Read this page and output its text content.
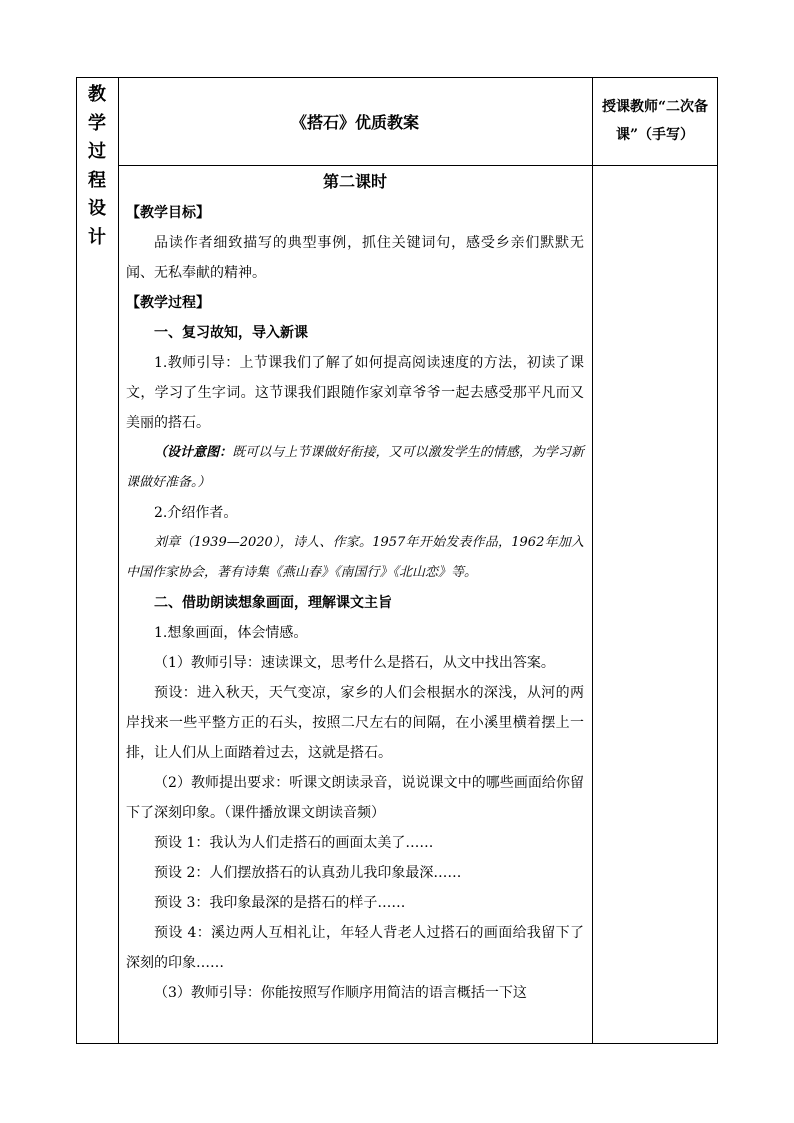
教
学
过
程
设
计
《搭石》优质教案
授课教师“二次备课”（手写）

第二课时

【教学目标】

品读作者细致描写的典型事例，抓住关键词句，感受乡亲们默默无闻、无私奉献的精神。

【教学过程】

一、复习故知，导入新课

1.教师引导：上节课我们了解了如何提高阅读速度的方法，初读了课文，学习了生字词。这节课我们跟随作家刘章爷爷一起去感受那平凡而又美丽的搭石。

（设计意图：既可以与上节课做好衔接，又可以激发学生的情感，为学习新课做好准备。）

2.介绍作者。

刘章（1939—2020），诗人、作家。1957年开始发表作品，1962年加入中国作家协会，著有诗集《燕山春》《南国行》《北山恋》等。

二、借助朗读想象画面，理解课文主旨

1.想象画面，体会情感。

（1）教师引导：速读课文，思考什么是搭石，从文中找出答案。

预设：进入秋天，天气变凉，家乡的人们会根据水的深浅，从河的两岸找来一些平整方正的石头，按照二尺左右的间隔，在小溪里横着摆上一排，让人们从上面踏着过去，这就是搭石。

（2）教师提出要求：听课文朗读录音，说说课文中的哪些画面给你留下了深刻印象。（课件播放课文朗读音频）

预设 1：我认为人们走搭石的画面太美了……

预设 2：人们摆放搭石的认真劲儿我印象最深……

预设 3：我印象最深的是搭石的样子……

预设 4：溪边两人互相礼让，年轻人背老人过搭石的画面给我留下了深刻的印象……

（3）教师引导：你能按照写作顺序用简洁的语言概括一下这
